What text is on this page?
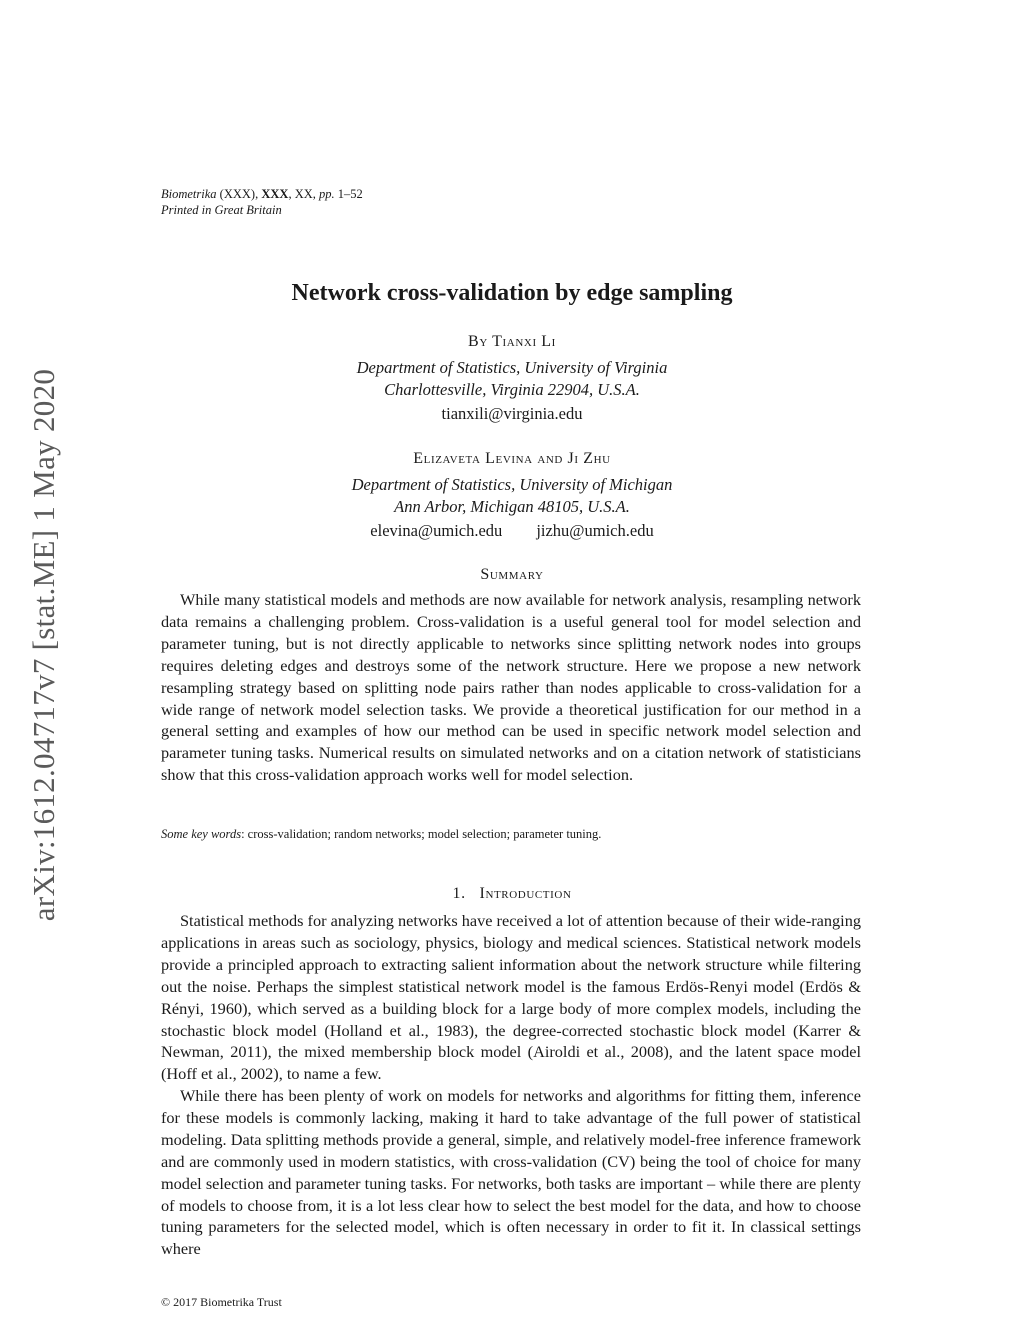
arXiv:1612.04717v7 [stat.ME] 1 May 2020
Biometrika (XXX), XXX, XX, pp. 1–52
Printed in Great Britain
Network cross-validation by edge sampling
By Tianxi Li
Department of Statistics, University of Virginia
Charlottesville, Virginia 22904, U.S.A.
tianxili@virginia.edu
Elizaveta Levina and Ji Zhu
Department of Statistics, University of Michigan
Ann Arbor, Michigan 48105, U.S.A.
elevina@umich.edu jizhu@umich.edu
Summary

While many statistical models and methods are now available for network analysis, resampling network data remains a challenging problem. Cross-validation is a useful general tool for model selection and parameter tuning, but is not directly applicable to networks since splitting network nodes into groups requires deleting edges and destroys some of the network structure. Here we propose a new network resampling strategy based on splitting node pairs rather than nodes applicable to cross-validation for a wide range of network model selection tasks. We provide a theoretical justification for our method in a general setting and examples of how our method can be used in specific network model selection and parameter tuning tasks. Numerical results on simulated networks and on a citation network of statisticians show that this cross-validation approach works well for model selection.

Some key words: cross-validation; random networks; model selection; parameter tuning.
1. Introduction

Statistical methods for analyzing networks have received a lot of attention because of their wide-ranging applications in areas such as sociology, physics, biology and medical sciences. Statistical network models provide a principled approach to extracting salient information about the network structure while filtering out the noise. Perhaps the simplest statistical network model is the famous Erdös-Renyi model (Erdös & Rényi, 1960), which served as a building block for a large body of more complex models, including the stochastic block model (Holland et al., 1983), the degree-corrected stochastic block model (Karrer & Newman, 2011), the mixed membership block model (Airoldi et al., 2008), and the latent space model (Hoff et al., 2002), to name a few.

While there has been plenty of work on models for networks and algorithms for fitting them, inference for these models is commonly lacking, making it hard to take advantage of the full power of statistical modeling. Data splitting methods provide a general, simple, and relatively model-free inference framework and are commonly used in modern statistics, with cross-validation (CV) being the tool of choice for many model selection and parameter tuning tasks. For networks, both tasks are important – while there are plenty of models to choose from, it is a lot less clear how to select the best model for the data, and how to choose tuning parameters for the selected model, which is often necessary in order to fit it. In classical settings where

© 2017 Biometrika Trust
